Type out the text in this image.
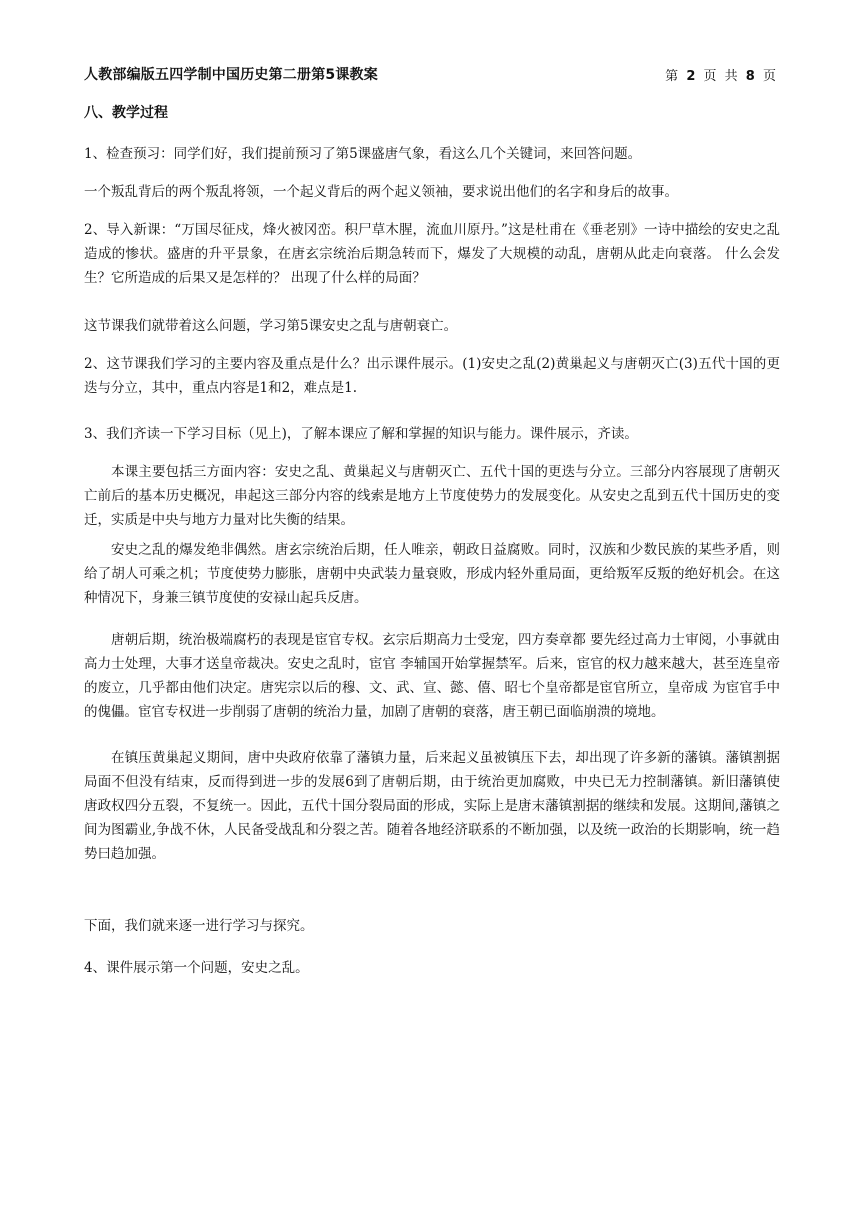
人教部编版五四学制中国历史第二册第5课教案	第 2 页 共 8 页
八、教学过程

1、检查预习：同学们好，我们提前预习了第5课盛唐气象，看这么几个关键词，来回答问题。

一个叛乱背后的两个叛乱将领，一个起义背后的两个起义领袖，要求说出他们的名字和身后的故事。

2、导入新课：“万国尽征戍，烽火被冈峦。积尸草木腥，流血川原丹。”这是杜甫在《垂老别》一诗中描绘的安史之乱造成的惨状。盛唐的升平景象，在唐玄宗统治后期急转而下，爆发了大规模的动乱，唐朝从此走向衰落。 什么会发生？它所造成的后果又是怎样的？ 出现了什么样的局面？

这节课我们就带着这么问题，学习第5课安史之乱与唐朝衰亡。

2、这节课我们学习的主要内容及重点是什么？出示课件展示。(1)安史之乱(2)黄巢起义与唐朝灭亡(3)五代十国的更迭与分立，其中，重点内容是1和2，难点是1.

3、我们齐读一下学习目标（见上)，了解本课应了解和掌握的知识与能力。课件展示，齐读。

本课主要包括三方面内容：安史之乱、黄巢起义与唐朝灭亡、五代十国的更迭与分立。三部分内容展现了唐朝灭亡前后的基本历史概况，串起这三部分内容的线索是地方上节度使势力的发展变化。从安史之乱到五代十国历史的变迁，实质是中央与地方力量对比失衡的结果。

安史之乱的爆发绝非偶然。唐玄宗统治后期，任人唯亲，朝政日益腐败。同时，汉族和少数民族的某些矛盾，则给了胡人可乘之机；节度使势力膨胀，唐朝中央武装力量衰败，形成内轻外重局面，更给叛军反叛的绝好机会。在这种情况下，身兼三镇节度使的安禄山起兵反唐。

唐朝后期，统治极端腐朽的表现是宦官专权。玄宗后期高力士受宠，四方奏章都 要先经过高力士审阅，小事就由高力士处理，大事才送皇帝裁决。安史之乱时，宦官 李辅国开始掌握禁军。后来，宦官的权力越来越大，甚至连皇帝的废立，几乎都由他们决定。唐宪宗以后的穆、文、武、宣、懿、僖、昭七个皇帝都是宦官所立，皇帝成 为宦官手中的傀儡。宦官专权进一步削弱了唐朝的统治力量，加剧了唐朝的衰落，唐王朝已面临崩溃的境地。

在镇压黄巢起义期间，唐中央政府依靠了藩镇力量，后来起义虽被镇压下去，却出现了许多新的藩镇。藩镇割据局面不但没有结束，反而得到进一步的发展6到了唐朝后期，由于统治更加腐败，中央已无力控制藩镇。新旧藩镇使唐政权四分五裂，不复统一。因此，五代十国分裂局面的形成，实际上是唐末藩镇割据的继续和发展。这期间,藩镇之间为图霸业,争战不休，人民备受战乱和分裂之苦。随着各地经济联系的不断加强，以及统一政治的长期影响，统一趋势曰趋加强。

下面，我们就来逐一进行学习与探究。

4、课件展示第一个问题，安史之乱。
